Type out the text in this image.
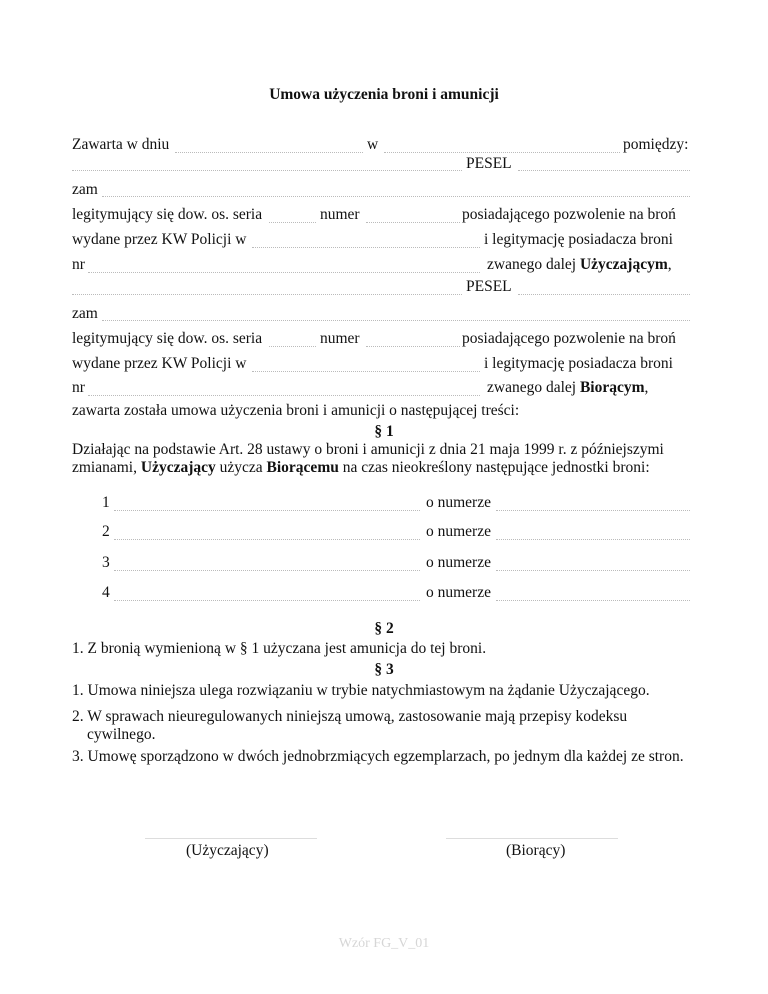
Umowa użyczenia broni i amunicji
Zawarta w dniu	w	pomiędzy:
PESEL
zam
legitymujący się dow. os. seria	numer	posiadającego pozwolenie na broń
wydane przez KW Policji w	i legitymację posiadacza broni
nr	zwanego dalej Użyczającym,
PESEL
zam
legitymujący się dow. os. seria	numer	posiadającego pozwolenie na broń
wydane przez KW Policji w	i legitymację posiadacza broni
nr	zwanego dalej Biorącym,
zawarta została umowa użyczenia broni i amunicji o następującej treści:
§ 1
Działając na podstawie Art. 28 ustawy o broni i amunicji z dnia 21 maja 1999 r. z późniejszymi zmianami, Użyczający użycza Biorącemu na czas nieokreślony następujące jednostki broni:
1	o numerze
2	o numerze
3	o numerze
4	o numerze
§ 2
1. Z bronią wymienioną w § 1 użyczana jest amunicja do tej broni.
§ 3
1. Umowa niniejsza ulega rozwiązaniu w trybie natychmiastowym na żądanie Użyczającego.
2. W sprawach nieuregulowanych niniejszą umową, zastosowanie mają przepisy kodeksu cywilnego.
3. Umowę sporządzono w dwóch jednobrzmiących egzemplarzach, po jednym dla każdej ze stron.
(Użyczający)	(Biorący)
Wzór FG_V_01
